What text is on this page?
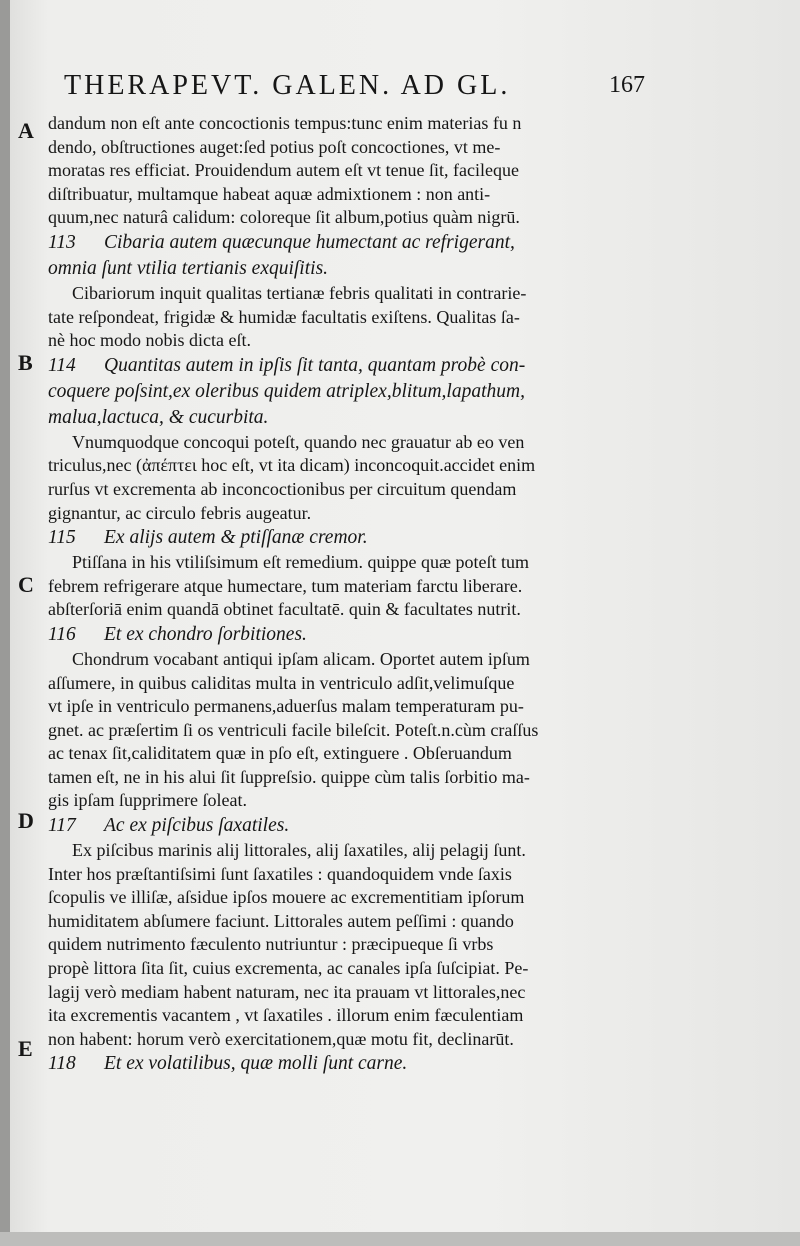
THERAPEVT. GALEN. AD GL.	167
A
B
C
D
E
dandum non eſt ante concoctionis tempus:tunc enim materias fu n
dendo, obſtructiones auget:ſed potius poſt concoctiones, vt me-
moratas res efficiat. Prouidendum autem eſt vt tenue ſit, facileque
diſtribuatur, multamque habeat aquæ admixtionem : non anti-
quum,nec naturâ calidum: coloreque ſit album,potius quàm nigrū.
113 Cibaria autem quæcunque humectant ac refrigerant,
omnia ſunt vtilia tertianis exquiſitis.
Cibariorum inquit qualitas tertianæ febris qualitati in contrarie-
tate reſpondeat, frigidæ & humidæ facultatis exiſtens. Qualitas ſa-
nè hoc modo nobis dicta eſt.
114 Quantitas autem in ipſis ſit tanta, quantam probè con-
coquere poſsint,ex oleribus quidem atriplex,blitum,lapathum,
malua,lactuca, & cucurbita.
Vnumquodque concoqui poteſt, quando nec grauatur ab eo ven
triculus,nec (ἀπέπτει hoc eſt, vt ita dicam) inconcoquit.accidet enim
rurſus vt excrementa ab inconcoctionibus per circuitum quendam
gignantur, ac circulo febris augeatur.
115 Ex alijs autem & ptiſſanæ cremor.
Ptiſſana in his vtiliſsimum eſt remedium. quippe quæ poteſt tum
febrem refrigerare atque humectare, tum materiam farctu liberare.
abſterſoriā enim quandā obtinet facultatē. quin & facultates nutrit.
116 Et ex chondro ſorbitiones.
Chondrum vocabant antiqui ipſam alicam. Oportet autem ipſum
aſſumere, in quibus caliditas multa in ventriculo adſit,velimuſque
vt ipſe in ventriculo permanens,aduerſus malam temperaturam pu-
gnet. ac præſertim ſi os ventriculi facile bileſcit. Poteſt.n.cùm craſſus
ac tenax ſit,caliditatem quæ in pſo eſt, extinguere . Obſeruandum
tamen eſt, ne in his alui ſit ſuppreſsio. quippe cùm talis ſorbitio ma-
gis ipſam ſupprimere ſoleat.
117 Ac ex piſcibus ſaxatiles.
Ex piſcibus marinis alij littorales, alij ſaxatiles, alij pelagij ſunt.
Inter hos præſtantiſsimi ſunt ſaxatiles : quandoquidem vnde ſaxis
ſcopulis ve illiſæ, aſsidue ipſos mouere ac excrementitiam ipſorum
humiditatem abſumere faciunt. Littorales autem peſſimi : quando
quidem nutrimento fæculento nutriuntur : præcipueque ſi vrbs
propè littora ſita ſit, cuius excrementa, ac canales ipſa ſuſcipiat. Pe-
lagij verò mediam habent naturam, nec ita prauam vt littorales,nec
ita excrementis vacantem , vt ſaxatiles . illorum enim fæculentiam
non habent: horum verò exercitationem,quæ motu fit, declinarūt.
118 Et ex volatilibus, quæ molli ſunt carne.
